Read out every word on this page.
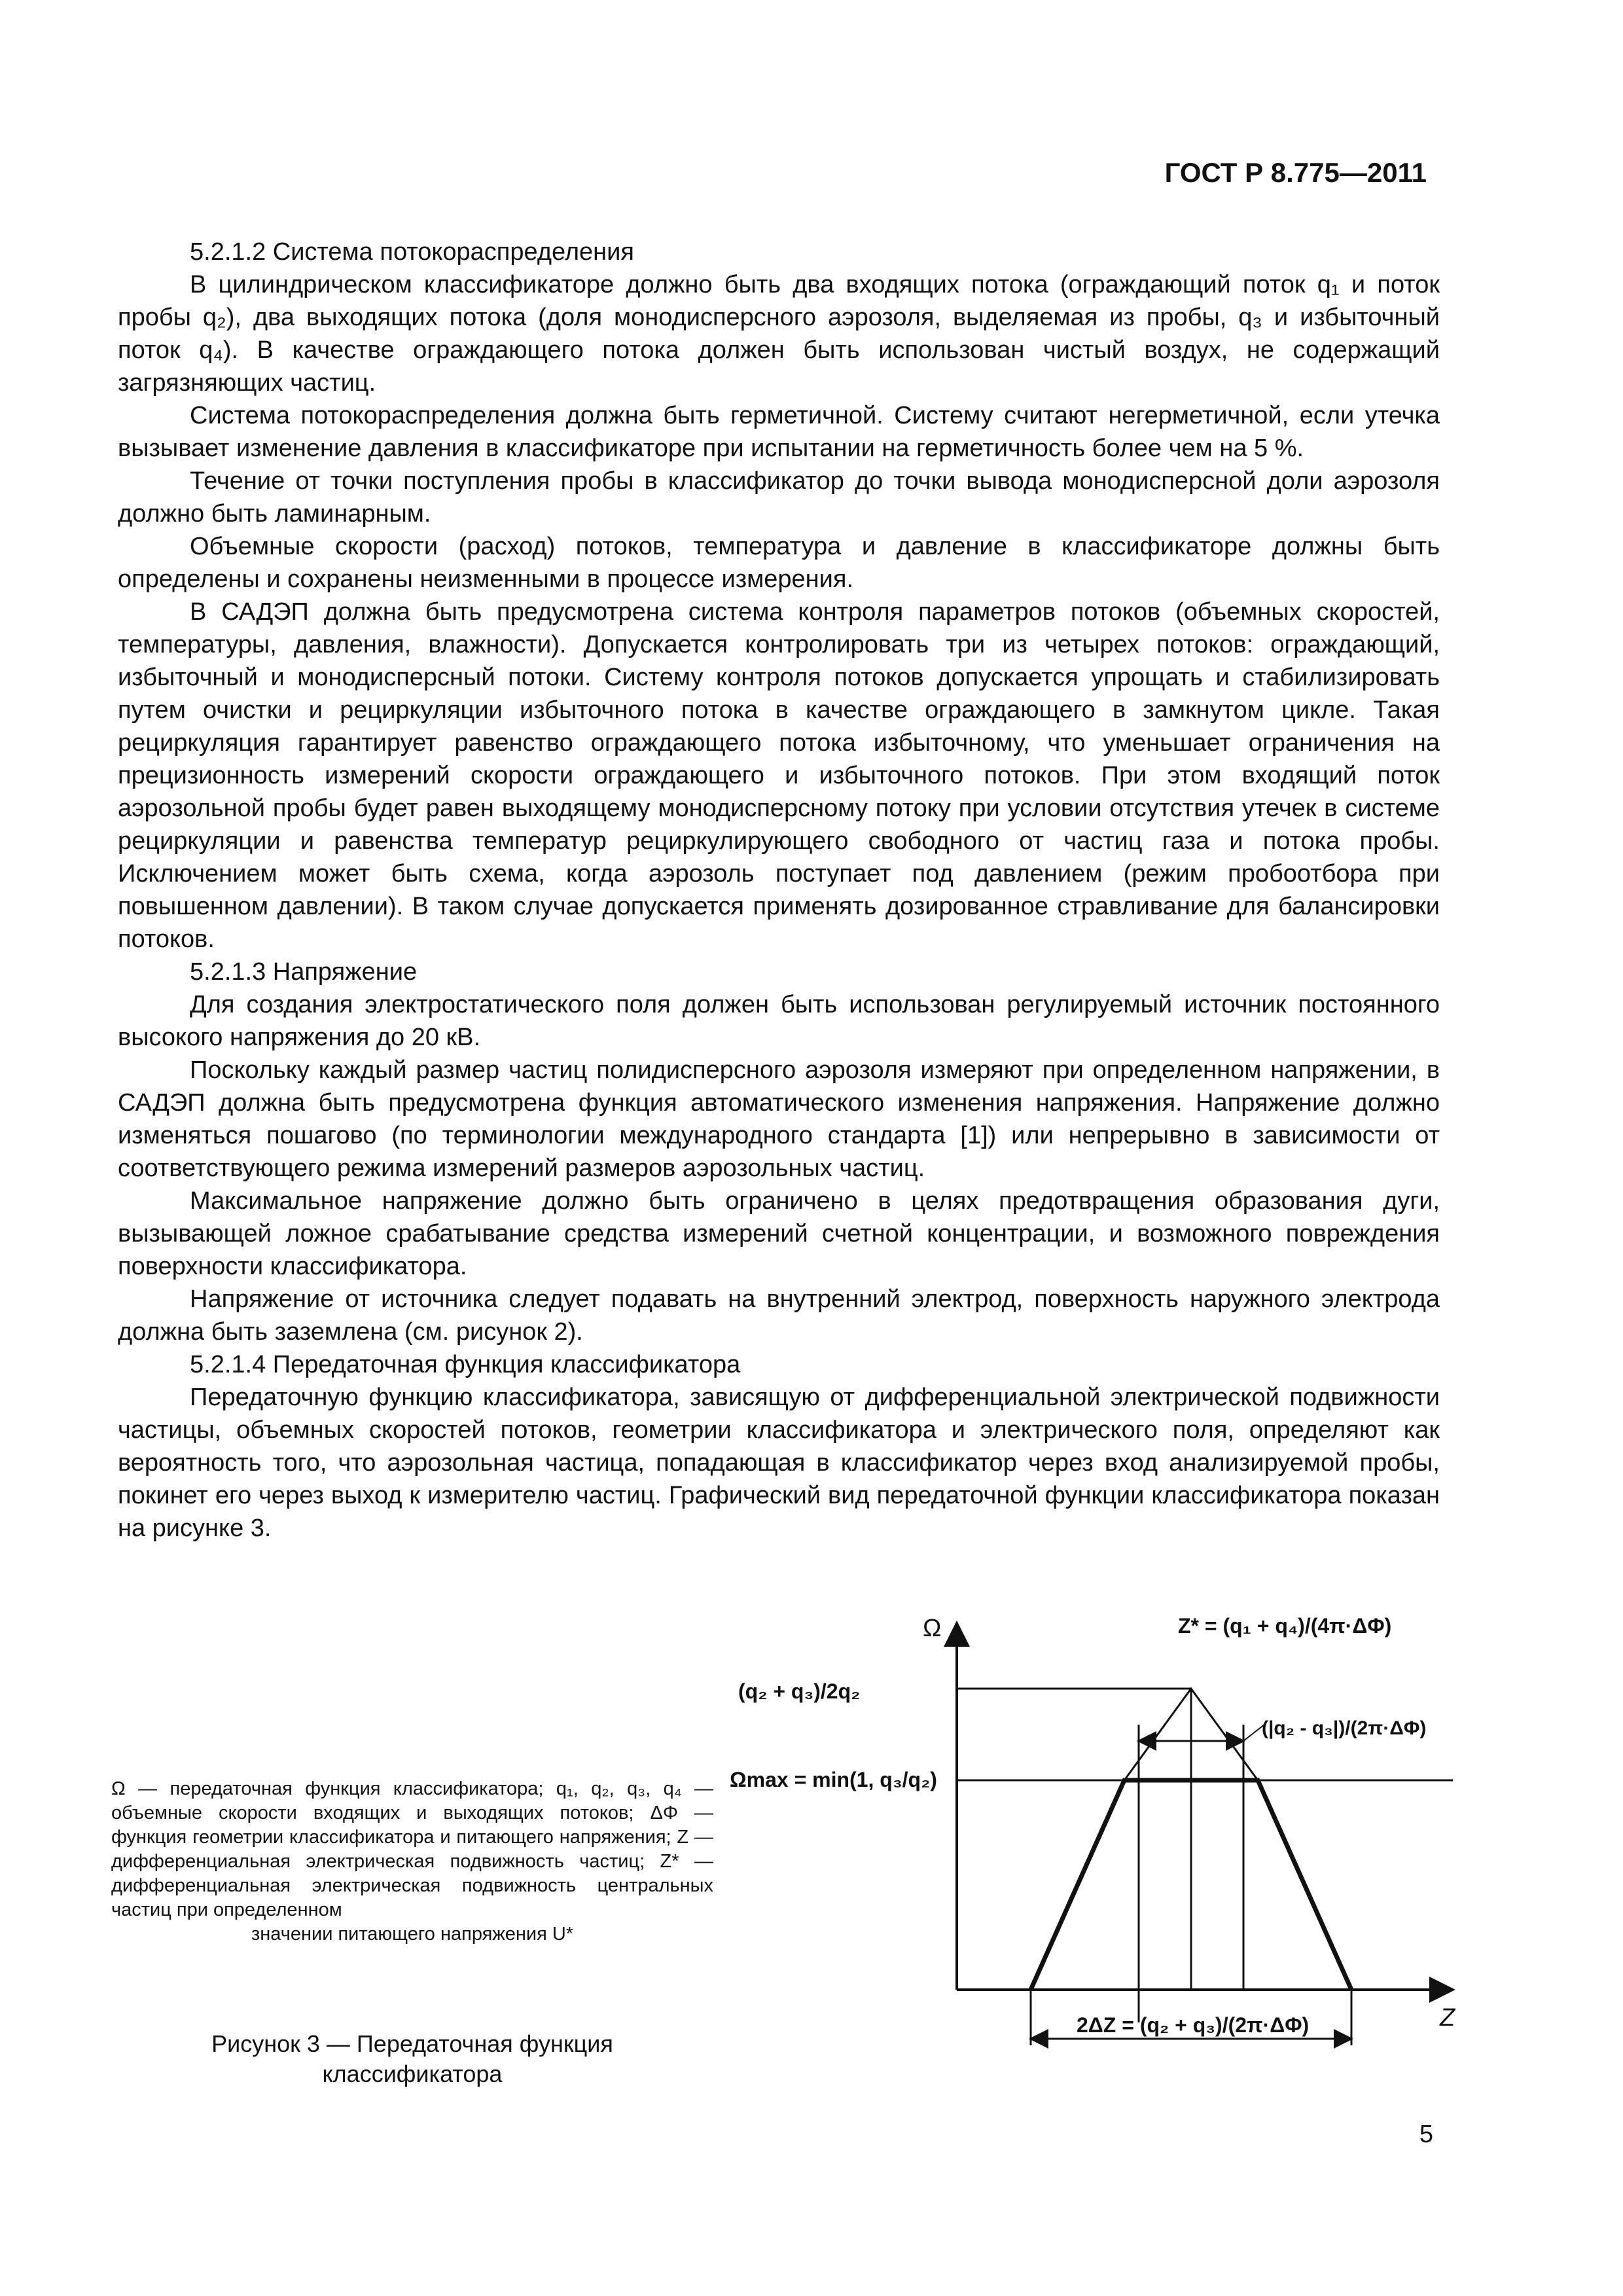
ГОСТ Р 8.775—2011

5.2.1.2 Система потокораспределения

В цилиндрическом классификаторе должно быть два входящих потока (ограждающий поток q₁ и поток пробы q₂), два выходящих потока (доля монодисперсного аэрозоля, выделяемая из пробы, q₃ и избыточный поток q₄). В качестве ограждающего потока должен быть использован чистый воздух, не содержащий загрязняющих частиц.

Система потокораспределения должна быть герметичной. Систему считают негерметичной, если утечка вызывает изменение давления в классификаторе при испытании на герметичность более чем на 5 %.

Течение от точки поступления пробы в классификатор до точки вывода монодисперсной доли аэрозоля должно быть ламинарным.

Объемные скорости (расход) потоков, температура и давление в классификаторе должны быть определены и сохранены неизменными в процессе измерения.

В САДЭП должна быть предусмотрена система контроля параметров потоков (объемных скоростей, температуры, давления, влажности). Допускается контролировать три из четырех потоков: ограждающий, избыточный и монодисперсный потоки. Систему контроля потоков допускается упрощать и стабилизировать путем очистки и рециркуляции избыточного потока в качестве ограждающего в замкнутом цикле. Такая рециркуляция гарантирует равенство ограждающего потока избыточному, что уменьшает ограничения на прецизионность измерений скорости ограждающего и избыточного потоков. При этом входящий поток аэрозольной пробы будет равен выходящему монодисперсному потоку при условии отсутствия утечек в системе рециркуляции и равенства температур рециркулирующего свободного от частиц газа и потока пробы. Исключением может быть схема, когда аэрозоль поступает под давлением (режим пробоотбора при повышенном давлении). В таком случае допускается применять дозированное стравливание для балансировки потоков.

5.2.1.3 Напряжение

Для создания электростатического поля должен быть использован регулируемый источник постоянного высокого напряжения до 20 кВ.

Поскольку каждый размер частиц полидисперсного аэрозоля измеряют при определенном напряжении, в САДЭП должна быть предусмотрена функция автоматического изменения напряжения. Напряжение должно изменяться пошагово (по терминологии международного стандарта [1]) или непрерывно в зависимости от соответствующего режима измерений размеров аэрозольных частиц.

Максимальное напряжение должно быть ограничено в целях предотвращения образования дуги, вызывающей ложное срабатывание средства измерений счетной концентрации, и возможного повреждения поверхности классификатора.

Напряжение от источника следует подавать на внутренний электрод, поверхность наружного электрода должна быть заземлена (см. рисунок 2).

5.2.1.4 Передаточная функция классификатора

Передаточную функцию классификатора, зависящую от дифференциальной электрической подвижности частицы, объемных скоростей потоков, геометрии классификатора и электрического поля, определяют как вероятность того, что аэрозольная частица, попадающая в классификатор через вход анализируемой пробы, покинет его через выход к измерителю частиц. Графический вид передаточной функции классификатора показан на рисунке 3.

Ω — передаточная функция классификатора; q₁, q₂, q₃, q₄ — объемные скорости входящих и выходящих потоков; ΔΦ — функция геометрии классификатора и питающего напряжения; Z — дифференциальная электрическая подвижность частиц; Z* — дифференциальная электрическая подвижность центральных частиц при определенном
значении питающего напряжения U*
Рисунок 3 — Передаточная функция
классификатора
Ω
Z
Z* = (q₁ + q₄)/(4π·ΔΦ)
(q₂ + q₃)/2q₂
(|q₂ - q₃|)/(2π·ΔΦ)
Ωmax = min(1, q₃/q₂)
2ΔZ = (q₂ + q₃)/(2π·ΔΦ)
5
